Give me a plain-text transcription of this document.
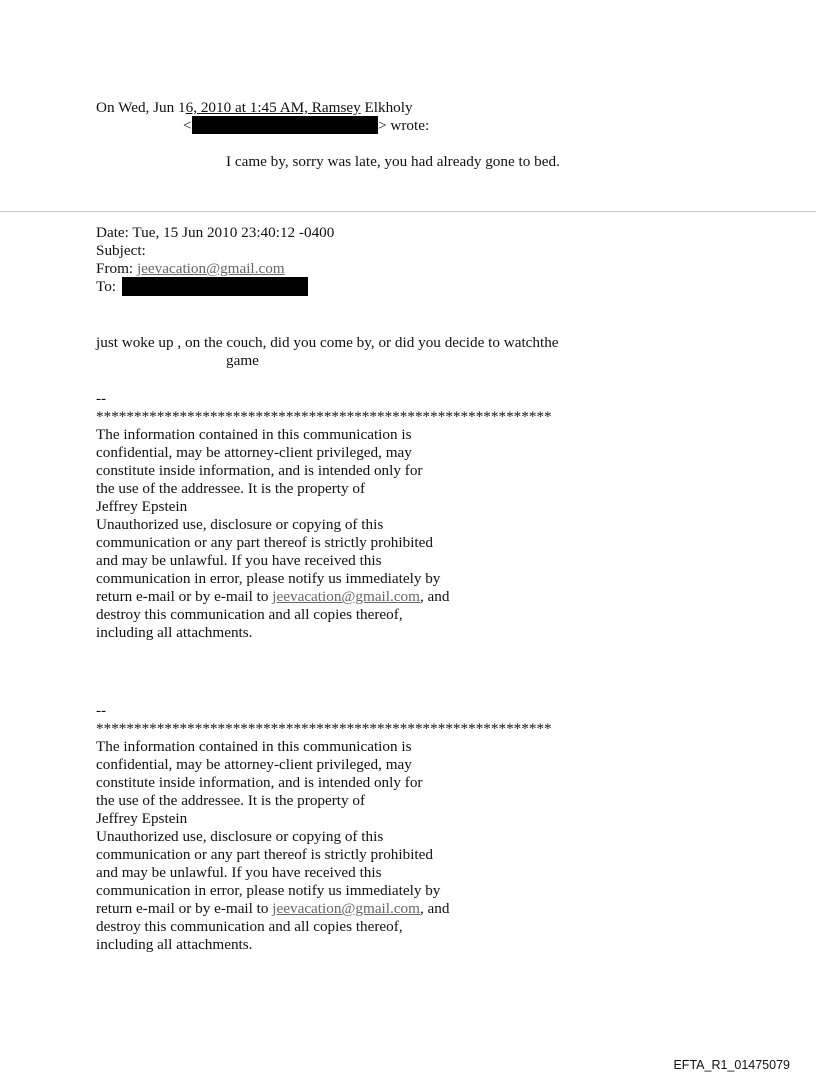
On Wed, Jun 16, 2010 at 1:45 AM, Ramsey Elkholy
<	> wrote:
I came by, sorry was late, you had already gone to bed.
Date: Tue, 15 Jun 2010 23:40:12 -0400
Subject:
From: jeevacation@gmail.com
To:
just woke up , on the couch, did you come by, or did you decide to watchthe
game
--
************************************************************
The information contained in this communication is
confidential, may be attorney-client privileged, may
constitute inside information, and is intended only for
the use of the addressee. It is the property of
Jeffrey Epstein
Unauthorized use, disclosure or copying of this
communication or any part thereof is strictly prohibited
and may be unlawful. If you have received this
communication in error, please notify us immediately by
return e-mail or by e-mail to jeevacation@gmail.com, and
destroy this communication and all copies thereof,
including all attachments.
--
************************************************************
The information contained in this communication is
confidential, may be attorney-client privileged, may
constitute inside information, and is intended only for
the use of the addressee. It is the property of
Jeffrey Epstein
Unauthorized use, disclosure or copying of this
communication or any part thereof is strictly prohibited
and may be unlawful. If you have received this
communication in error, please notify us immediately by
return e-mail or by e-mail to jeevacation@gmail.com, and
destroy this communication and all copies thereof,
including all attachments.
EFTA_R1_01475079
